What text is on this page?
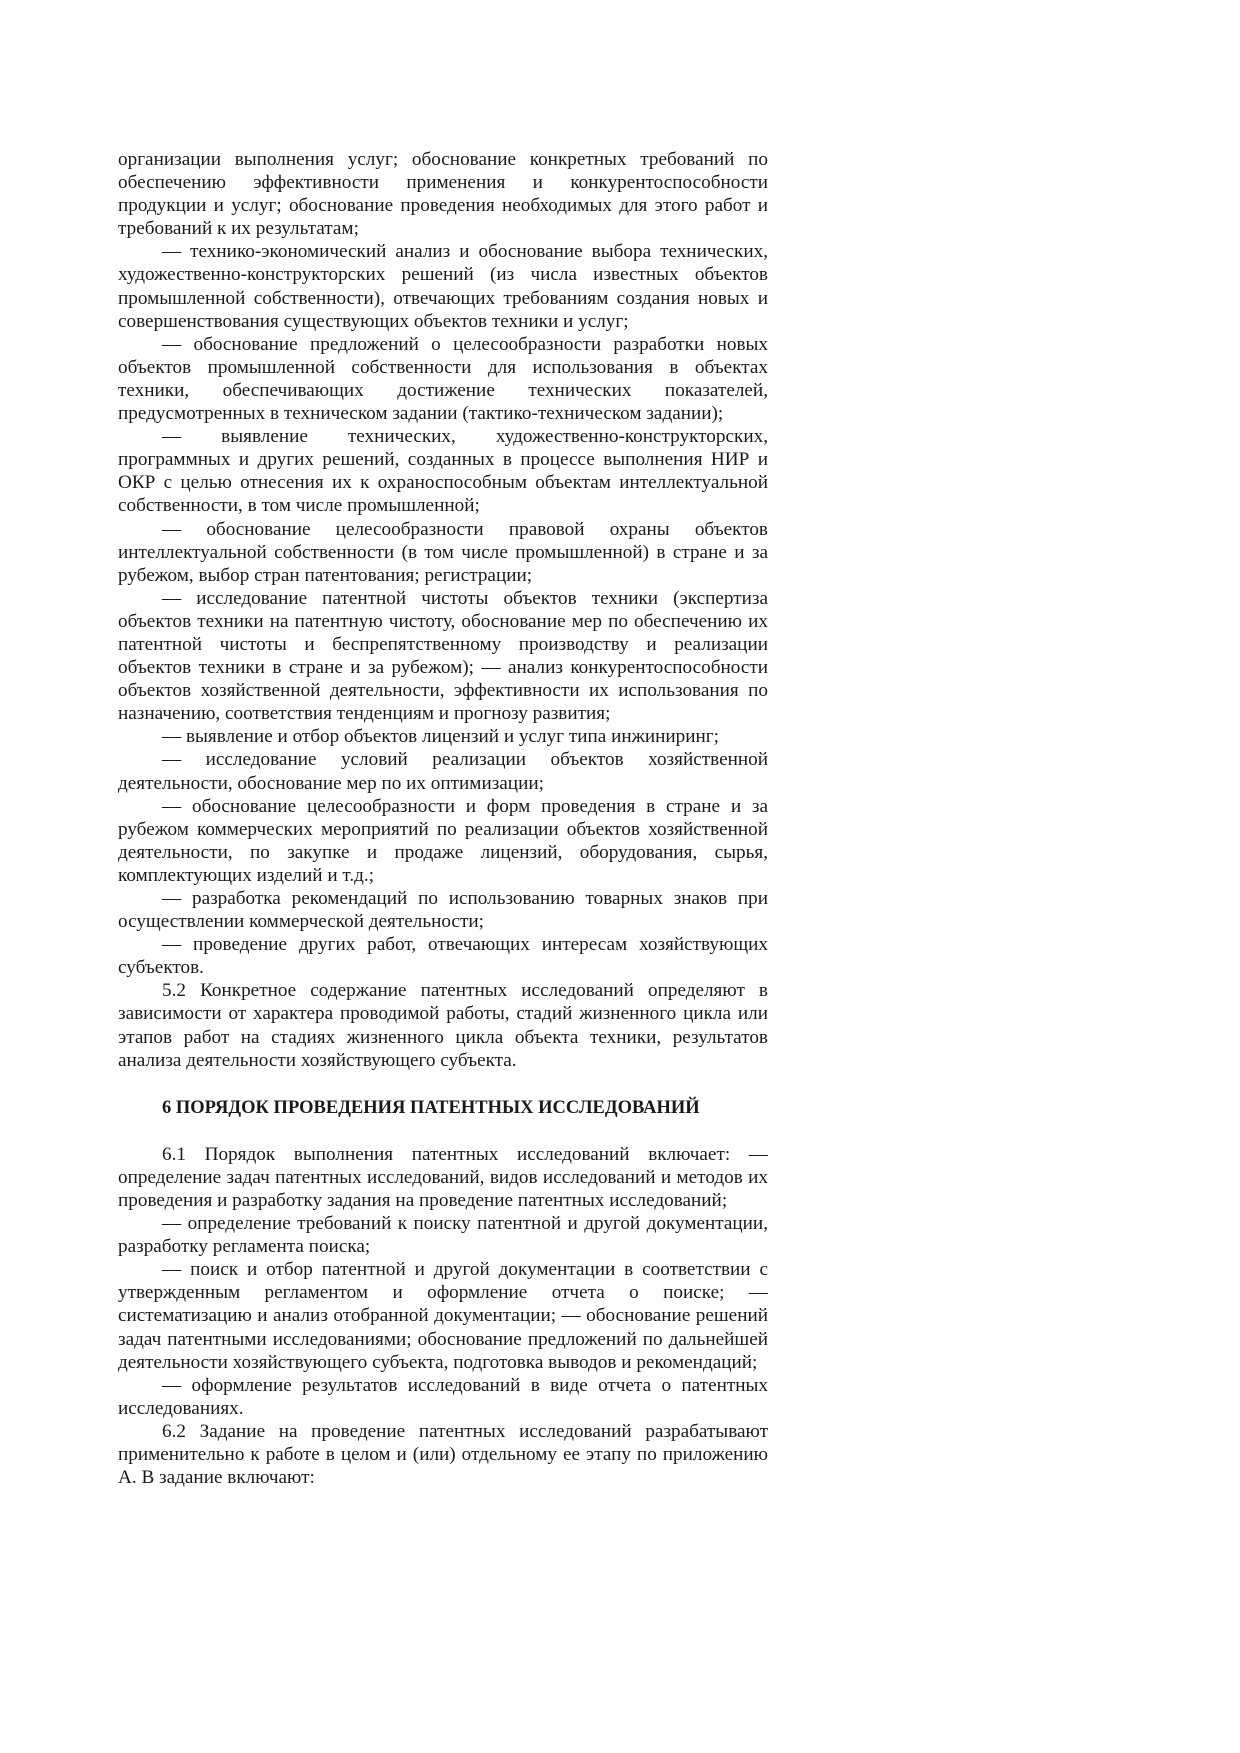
организации выполнения услуг; обоснование конкретных требований по обеспечению эффективности применения и конкурентоспособности продукции и услуг; обоснование проведения необходимых для этого работ и требований к их результатам;

— технико-экономический анализ и обоснование выбора технических, художественно-конструкторских решений (из числа известных объектов промышленной собственности), отвечающих требованиям создания новых и совершенствования существующих объектов техники и услуг;

— обоснование предложений о целесообразности разработки новых объектов промышленной собственности для использования в объектах техники, обеспечивающих достижение технических показателей, предусмотренных в техническом задании (тактико-техническом задании);

— выявление технических, художественно-конструкторских, программных и других решений, созданных в процессе выполнения НИР и ОКР с целью отнесения их к охраноспособным объектам интеллектуальной собственности, в том числе промышленной;

— обоснование целесообразности правовой охраны объектов интеллектуальной собственности (в том числе промышленной) в стране и за рубежом, выбор стран патентования; регистрации;

— исследование патентной чистоты объектов техники (экспертиза объектов техники на патентную чистоту, обоснование мер по обеспечению их патентной чистоты и беспрепятственному производству и реализации объектов техники в стране и за рубежом); — анализ конкурентоспособности объектов хозяйственной деятельности, эффективности их использования по назначению, соответствия тенденциям и прогнозу развития;

— выявление и отбор объектов лицензий и услуг типа инжиниринг;

— исследование условий реализации объектов хозяйственной деятельности, обоснование мер по их оптимизации;

— обоснование целесообразности и форм проведения в стране и за рубежом коммерческих мероприятий по реализации объектов хозяйственной деятельности, по закупке и продаже лицензий, оборудования, сырья, комплектующих изделий и т.д.;

— разработка рекомендаций по использованию товарных знаков при осуществлении коммерческой деятельности;

— проведение других работ, отвечающих интересам хозяйствующих субъектов.

5.2 Конкретное содержание патентных исследований определяют в зависимости от характера проводимой работы, стадий жизненного цикла или этапов работ на стадиях жизненного цикла объекта техники, результатов анализа деятельности хозяйствующего субъекта.

6 ПОРЯДОК ПРОВЕДЕНИЯ ПАТЕНТНЫХ ИССЛЕДОВАНИЙ

6.1 Порядок выполнения патентных исследований включает: — определение задач патентных исследований, видов исследований и методов их проведения и разработку задания на проведение патентных исследований;

— определение требований к поиску патентной и другой документации, разработку регламента поиска;

— поиск и отбор патентной и другой документации в соответствии с утвержденным регламентом и оформление отчета о поиске; — систематизацию и анализ отобранной документации; — обоснование решений задач патентными исследованиями; обоснование предложений по дальнейшей деятельности хозяйствующего субъекта, подготовка выводов и рекомендаций;

— оформление результатов исследований в виде отчета о патентных исследованиях.

6.2 Задание на проведение патентных исследований разрабатывают применительно к работе в целом и (или) отдельному ее этапу по приложению А. В задание включают:
